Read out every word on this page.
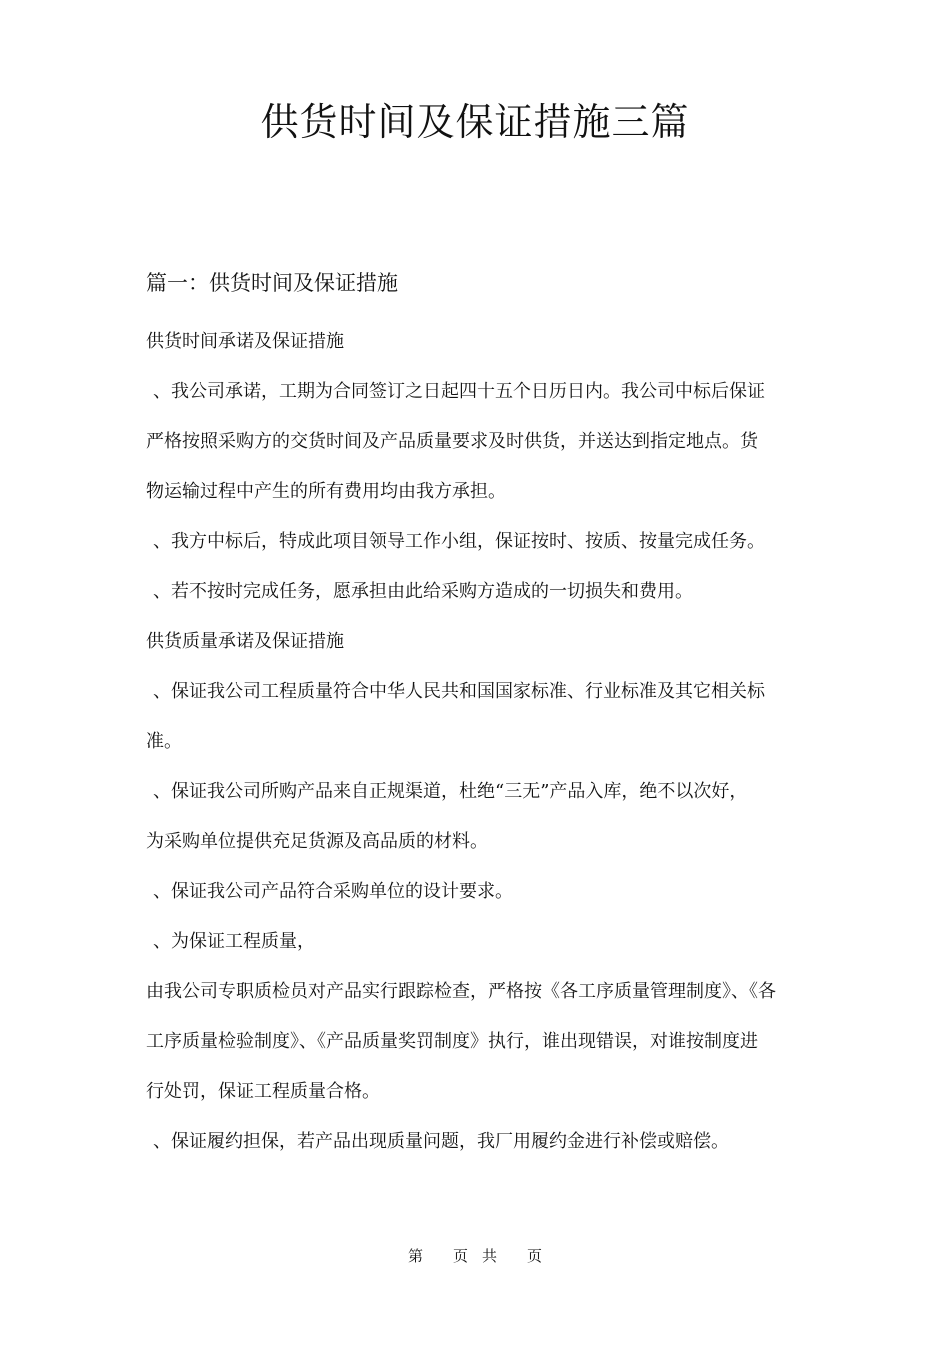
供货时间及保证措施三篇
篇一：供货时间及保证措施
供货时间承诺及保证措施
、我公司承诺，工期为合同签订之日起四十五个日历日内。我公司中标后保证
严格按照采购方的交货时间及产品质量要求及时供货，并送达到指定地点。货
物运输过程中产生的所有费用均由我方承担。
、我方中标后，特成此项目领导工作小组，保证按时、按质、按量完成任务。
、若不按时完成任务，愿承担由此给采购方造成的一切损失和费用。
供货质量承诺及保证措施
、保证我公司工程质量符合中华人民共和国国家标准、行业标准及其它相关标
准。
、保证我公司所购产品来自正规渠道，杜绝“三无”产品入库，绝不以次好，
为采购单位提供充足货源及高品质的材料。
、保证我公司产品符合采购单位的设计要求。
、为保证工程质量，
由我公司专职质检员对产品实行跟踪检查，严格按《各工序质量管理制度》、《各
工序质量检验制度》、《产品质量奖罚制度》执行，谁出现错误，对谁按制度进
行处罚，保证工程质量合格。
、保证履约担保，若产品出现质量问题，我厂用履约金进行补偿或赔偿。
第 页 共 页
